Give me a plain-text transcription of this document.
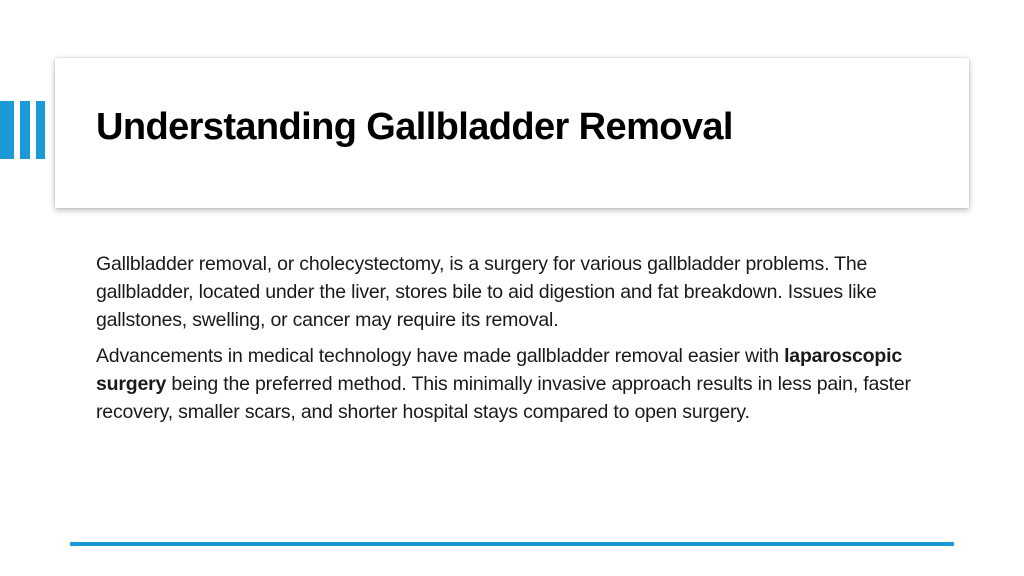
Understanding Gallbladder Removal

Gallbladder removal, or cholecystectomy, is a surgery for various gallbladder problems. The gallbladder, located under the liver, stores bile to aid digestion and fat breakdown. Issues like gallstones, swelling, or cancer may require its removal.

Advancements in medical technology have made gallbladder removal easier with laparoscopic surgery being the preferred method. This minimally invasive approach results in less pain, faster recovery, smaller scars, and shorter hospital stays compared to open surgery.
